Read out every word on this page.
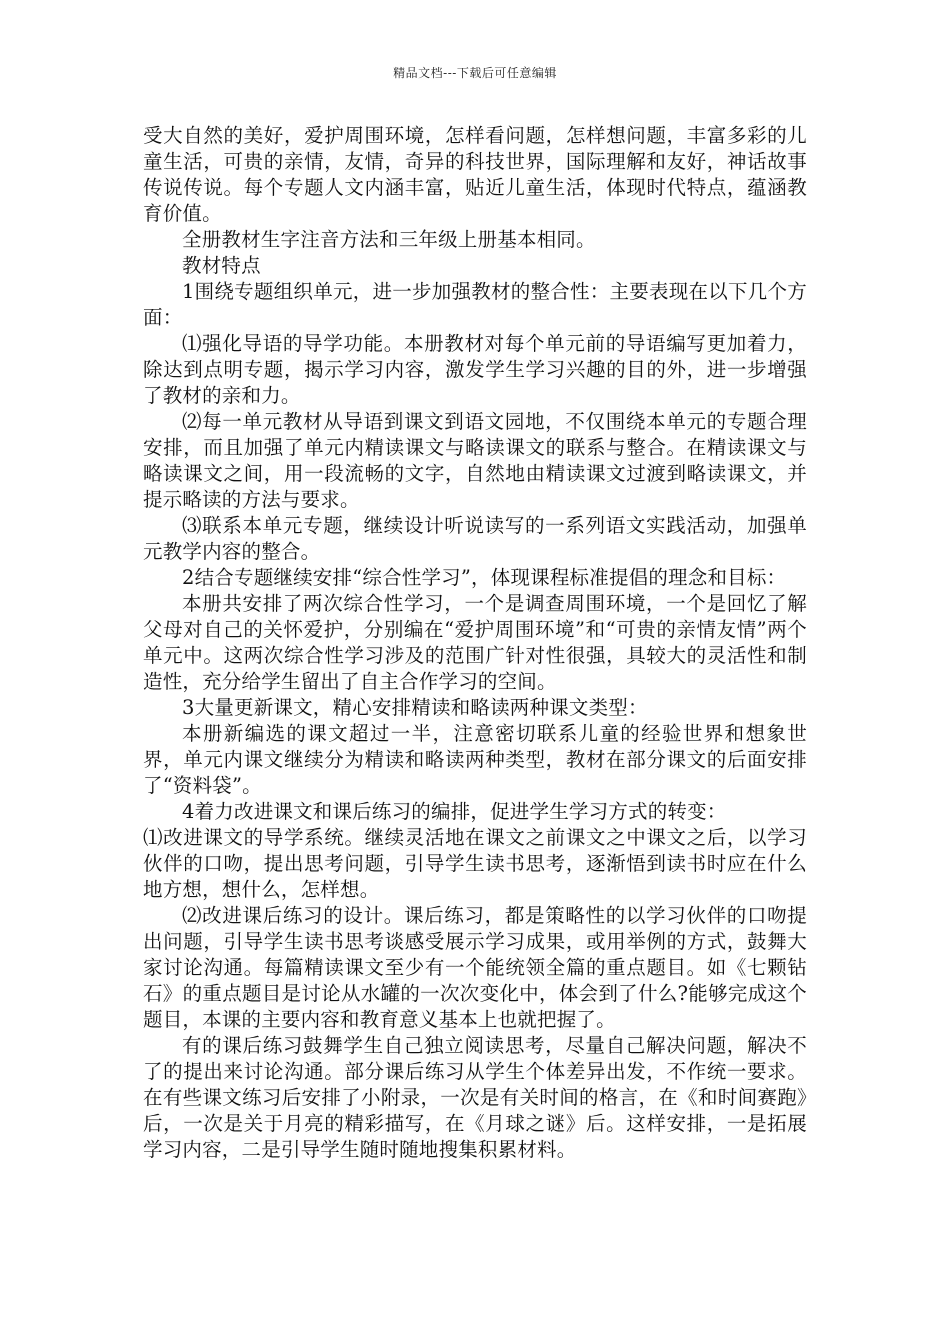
精品文档---下载后可任意编辑

受大自然的美好，爱护周围环境，怎样看问题，怎样想问题，丰富多彩的儿童生活，可贵的亲情，友情，奇异的科技世界，国际理解和友好，神话故事传说传说。每个专题人文内涵丰富，贴近儿童生活，体现时代特点，蕴涵教育价值。

全册教材生字注音方法和三年级上册基本相同。

教材特点

1围绕专题组织单元，进一步加强教材的整合性：主要表现在以下几个方面：

⑴强化导语的导学功能。本册教材对每个单元前的导语编写更加着力，除达到点明专题，揭示学习内容，激发学生学习兴趣的目的外，进一步增强了教材的亲和力。

⑵每一单元教材从导语到课文到语文园地，不仅围绕本单元的专题合理安排，而且加强了单元内精读课文与略读课文的联系与整合。在精读课文与略读课文之间，用一段流畅的文字，自然地由精读课文过渡到略读课文，并提示略读的方法与要求。

⑶联系本单元专题，继续设计听说读写的一系列语文实践活动，加强单元教学内容的整合。

2结合专题继续安排“综合性学习”，体现课程标准提倡的理念和目标：

本册共安排了两次综合性学习，一个是调查周围环境，一个是回忆了解父母对自己的关怀爱护，分别编在“爱护周围环境”和“可贵的亲情友情”两个单元中。这两次综合性学习涉及的范围广针对性很强，具较大的灵活性和制造性，充分给学生留出了自主合作学习的空间。

3大量更新课文，精心安排精读和略读两种课文类型：

本册新编选的课文超过一半，注意密切联系儿童的经验世界和想象世界，单元内课文继续分为精读和略读两种类型，教材在部分课文的后面安排了“资料袋”。

4着力改进课文和课后练习的编排，促进学生学习方式的转变：

⑴改进课文的导学系统。继续灵活地在课文之前课文之中课文之后，以学习伙伴的口吻，提出思考问题，引导学生读书思考，逐渐悟到读书时应在什么地方想，想什么，怎样想。

⑵改进课后练习的设计。课后练习，都是策略性的以学习伙伴的口吻提出问题，引导学生读书思考谈感受展示学习成果，或用举例的方式，鼓舞大家讨论沟通。每篇精读课文至少有一个能统领全篇的重点题目。如《七颗钻石》的重点题目是讨论从水罐的一次次变化中，体会到了什么?能够完成这个题目，本课的主要内容和教育意义基本上也就把握了。

有的课后练习鼓舞学生自己独立阅读思考，尽量自己解决问题，解决不了的提出来讨论沟通。部分课后练习从学生个体差异出发，不作统一要求。在有些课文练习后安排了小附录，一次是有关时间的格言，在《和时间赛跑》后，一次是关于月亮的精彩描写，在《月球之谜》后。这样安排，一是拓展学习内容，二是引导学生随时随地搜集积累材料。
